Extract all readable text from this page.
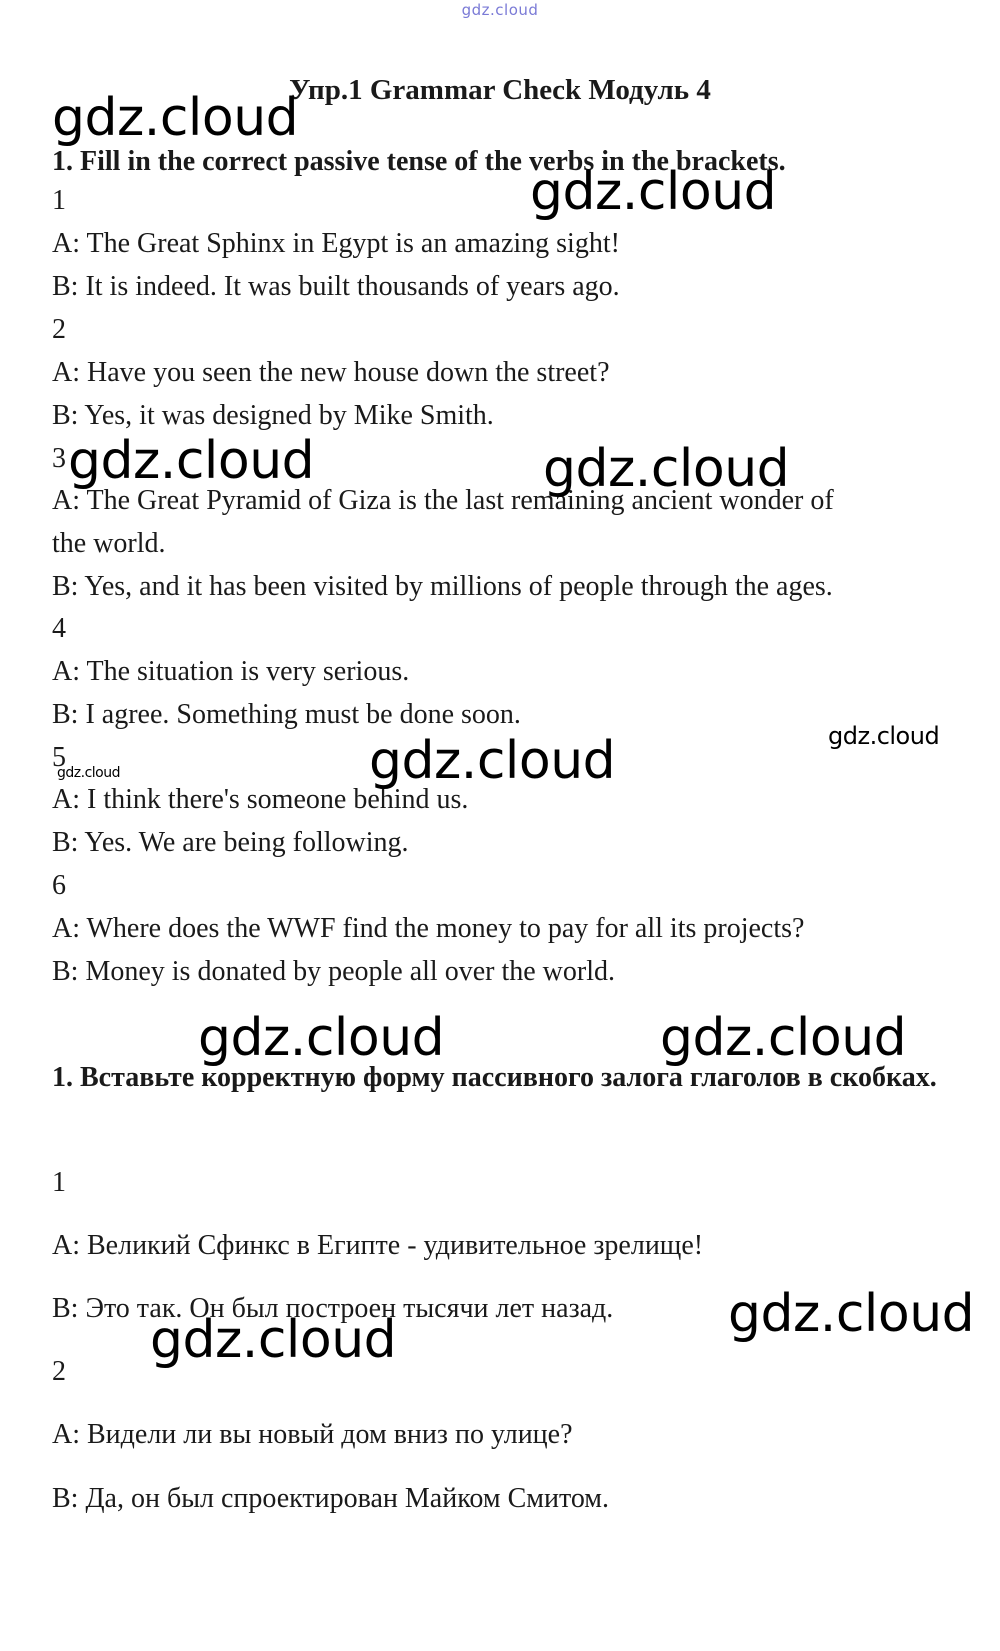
gdz.cloud
Упр.1 Grammar Check Модуль 4
1. Fill in the correct passive tense of the verbs in the brackets.
1
A: The Great Sphinx in Egypt is an amazing sight!
B: It is indeed. It was built thousands of years ago.
2
A: Have you seen the new house down the street?
B: Yes, it was designed by Mike Smith.
3
A: The Great Pyramid of Giza is the last remaining ancient wonder of
the world.
B: Yes, and it has been visited by millions of people through the ages.
4
A: The situation is very serious.
B: I agree. Something must be done soon.
5
A: I think there's someone behind us.
B: Yes. We are being following.
6
A: Where does the WWF find the money to pay for all its projects?
B: Money is donated by people all over the world.
1. Вставьте корректную форму пассивного залога глаголов в скобках.
1
A: Великий Сфинкс в Египте - удивительное зрелище!
B: Это так. Он был построен тысячи лет назад.
2
A: Видели ли вы новый дом вниз по улице?
B: Да, он был спроектирован Майком Смитом.
gdz.cloud
gdz.cloud
gdz.cloud	gdz.cloud
gdz.cloud
gdz.cloud
gdz.cloud
gdz.cloud	gdz.cloud
gdz.cloud
gdz.cloud
